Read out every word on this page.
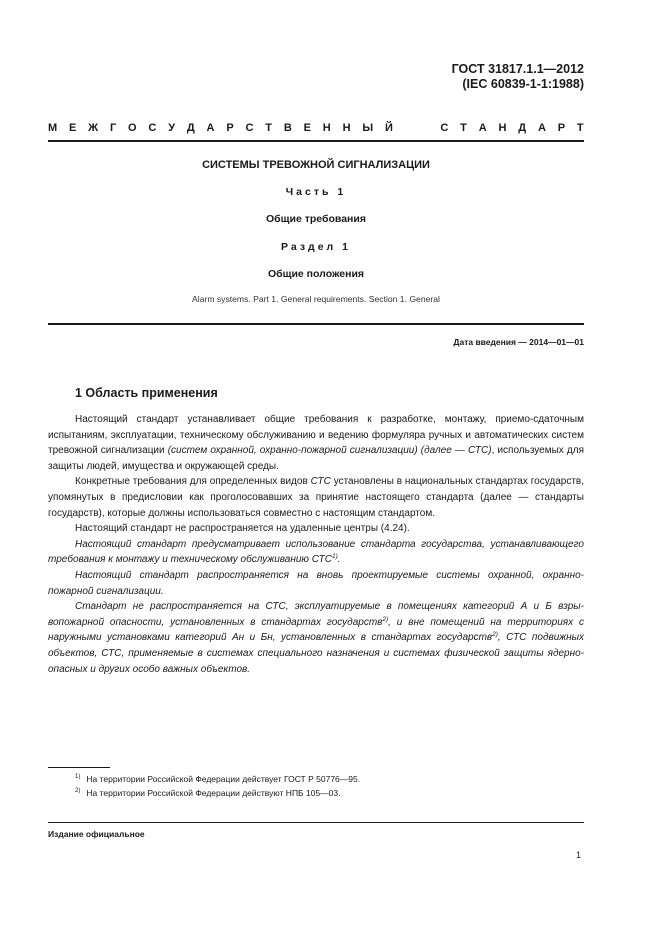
ГОСТ 31817.1.1—2012
(IEC 60839-1-1:1988)
М Е Ж Г О С У Д А Р С Т В Е Н Н Ы Й	С Т А Н Д А Р Т
СИСТЕМЫ ТРЕВОЖНОЙ СИГНАЛИЗАЦИИ
Часть 1
Общие требования
Раздел 1
Общие положения
Alarm systems. Part 1. General requirements. Section 1. General
Дата введения — 2014—01—01
1 Область применения

Настоящий стандарт устанавливает общие требования к разработке, монтажу, приемо-сдаточным испытаниям, эксплуатации, техническому обслуживанию и ведению формуляра ручных и автоматических систем тревожной сигнализации (систем охранной, охранно-пожарной сигнализации) (далее — СТС), используемых для защиты людей, имущества и окружающей среды.

Конкретные требования для определенных видов СТС установлены в национальных стандартах государств, упомянутых в предисловии как проголосовавших за принятие настоящего стандарта (далее — стандарты государств), которые должны использоваться совместно с настоящим стандартом.

Настоящий стандарт не распространяется на удаленные центры (4.24).

Настоящий стандарт предусматривает использование стандарта государства, устанавливающего требования к монтажу и техническому обслуживанию СТС$^{1)}$.

Настоящий стандарт распространяется на вновь проектируемые системы охранной, охранно-пожарной сигнализации.

Стандарт не распространяется на СТС, эксплуатируемые в помещениях категорий А и Б взрывопожарной опасности, установленных в стандартах государств$^{2)}$, и вне помещений на территориях с наружными установками категорий Ан и Бн, установленных в стандартах государств$^{2)}$, СТС подвижных объектов, СТС, применяемые в системах специального назначения и системах физической защиты ядерно-опасных и других особо важных объектов.

$^{1)}$ На территории Российской Федерации действует ГОСТ Р 50776—95.
$^{2)}$ На территории Российской Федерации действуют НПБ 105—03.
Издание официальное
1
